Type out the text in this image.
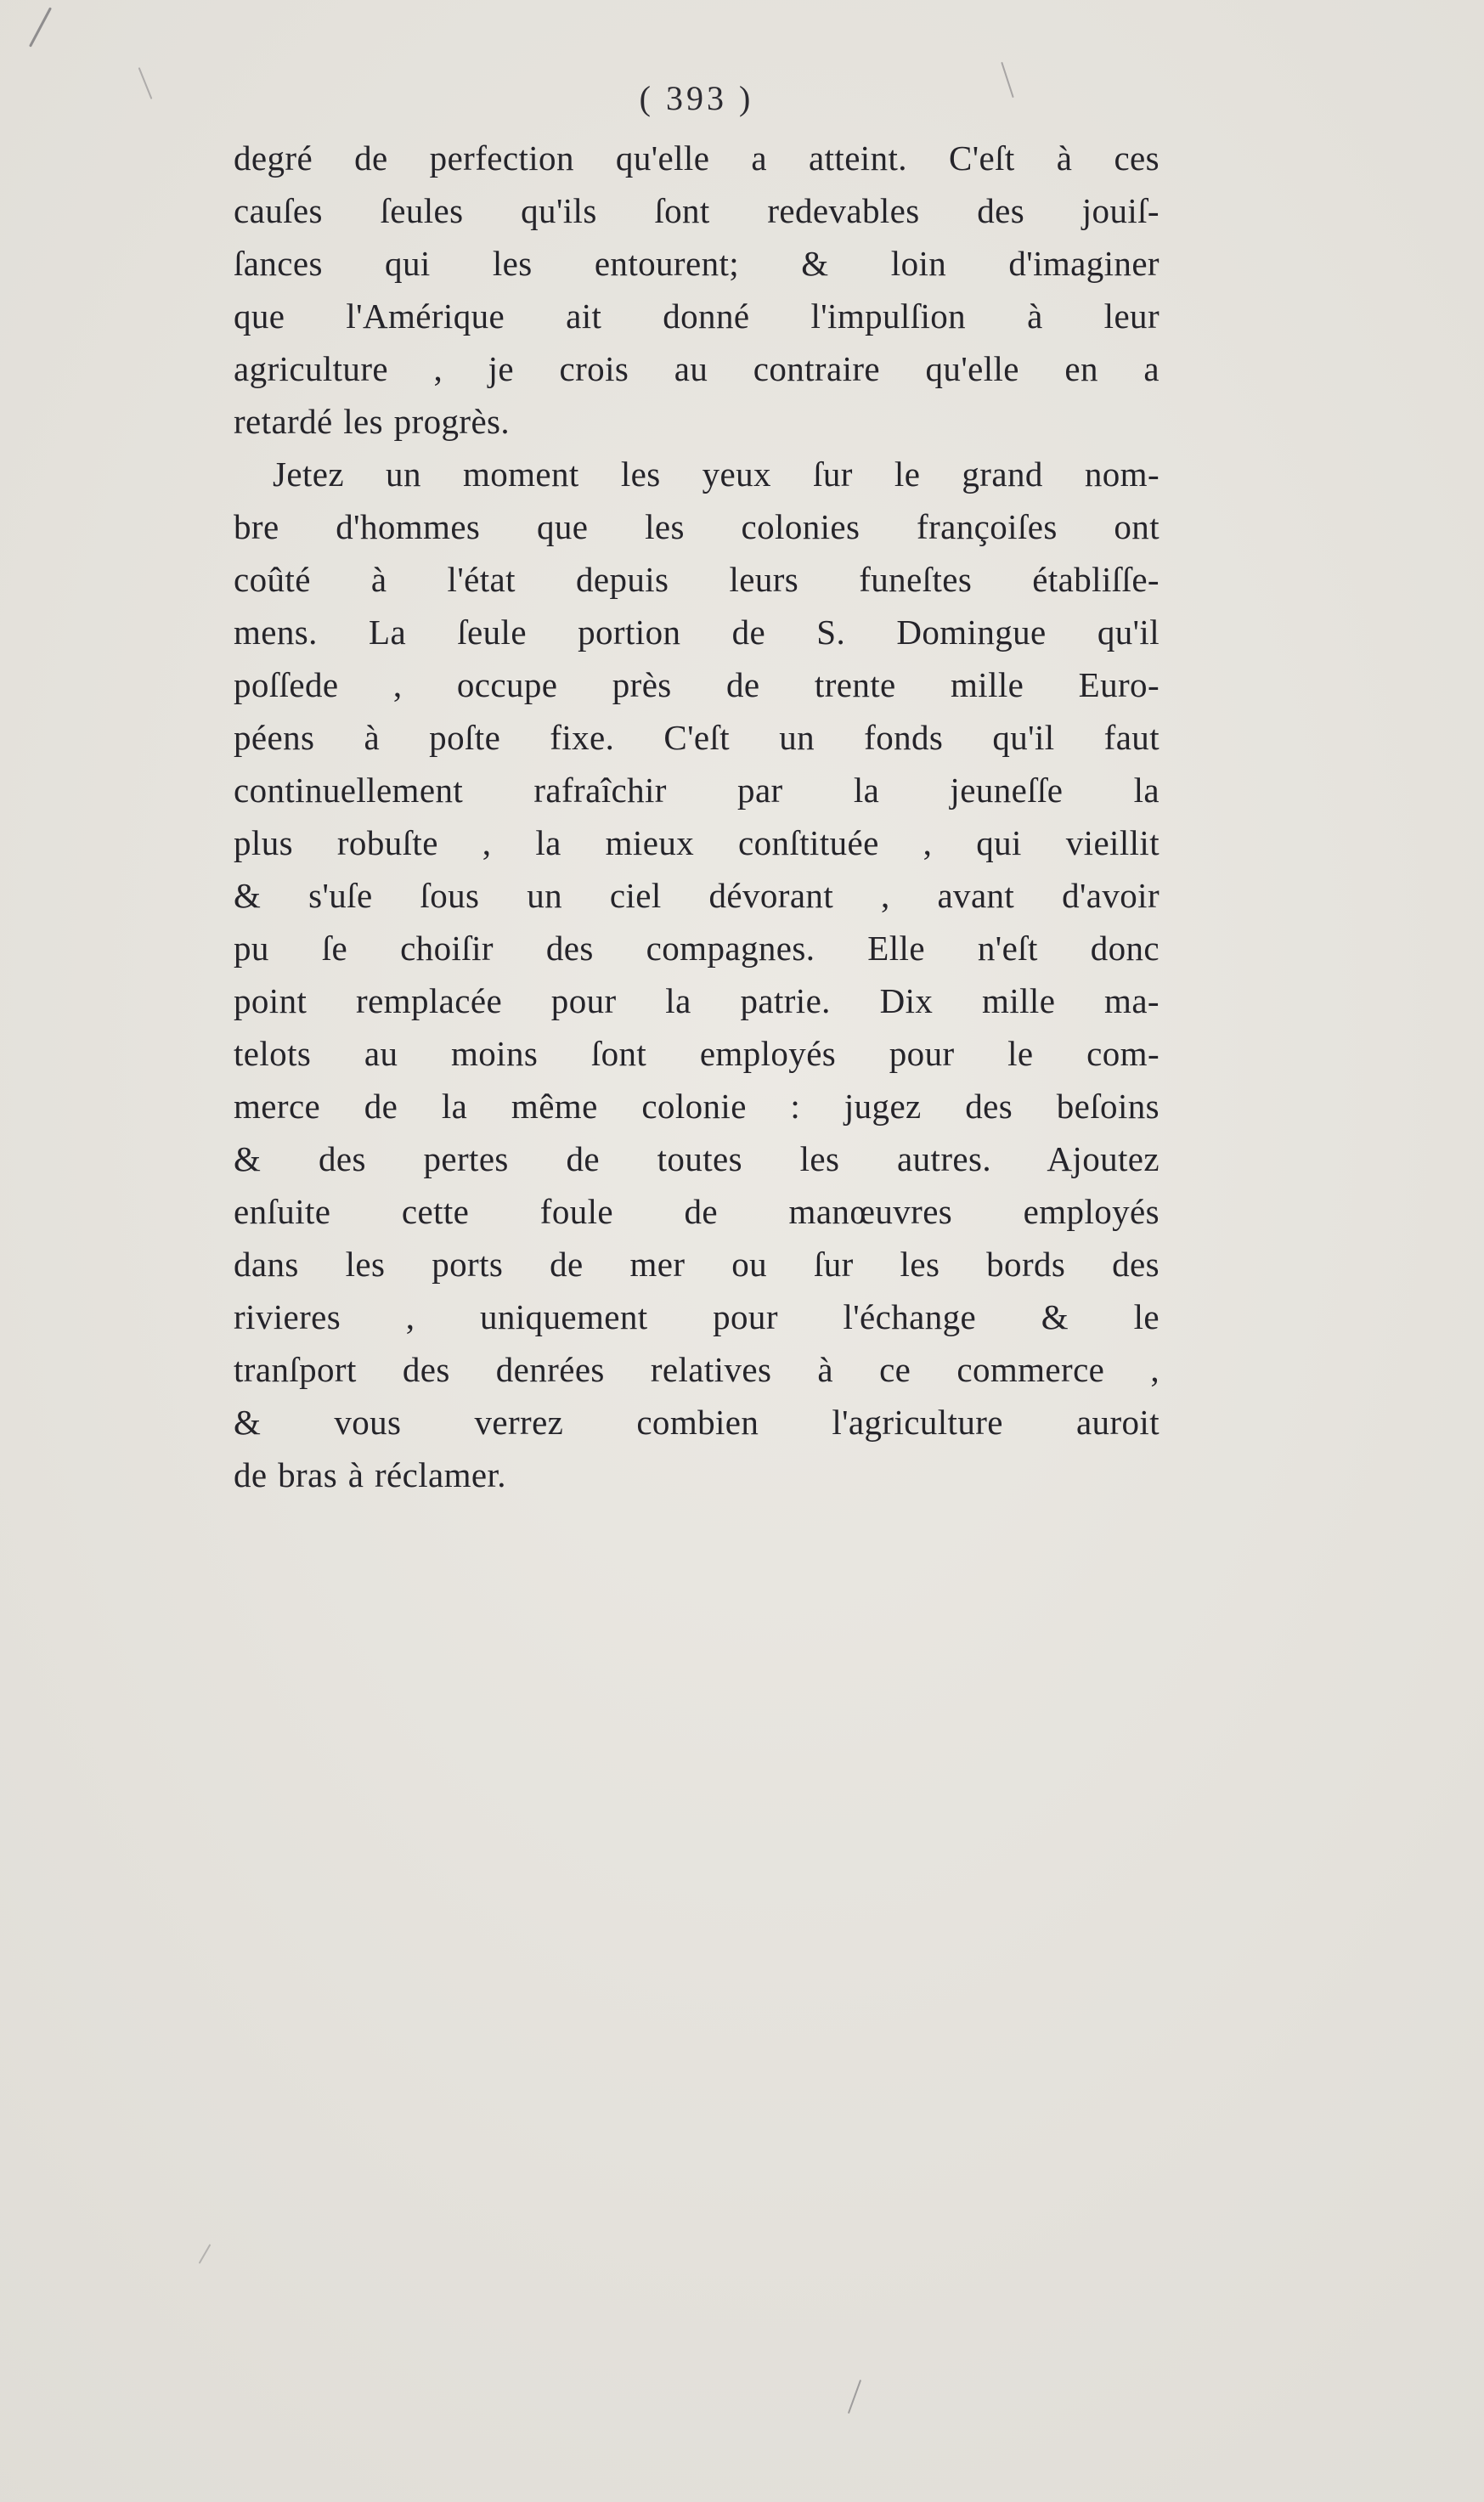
( 393 )
degré de perfection qu'elle a atteint. C'eſt à ces
cauſes ſeules qu'ils ſont redevables des jouiſ-
ſances qui les entourent; & loin d'imaginer
que l'Amérique ait donné l'impulſion à leur
agriculture , je crois au contraire qu'elle en a
retardé les progrès.
Jetez un moment les yeux ſur le grand nom-
bre d'hommes que les colonies françoiſes ont
coûté à l'état depuis leurs funeſtes établiſſe-
mens. La ſeule portion de S. Domingue qu'il
poſſede , occupe près de trente mille Euro-
péens à poſte fixe. C'eſt un fonds qu'il faut
continuellement rafraîchir par la jeuneſſe la
plus robuſte , la mieux conſtituée , qui vieillit
& s'uſe ſous un ciel dévorant , avant d'avoir
pu ſe choiſir des compagnes. Elle n'eſt donc
point remplacée pour la patrie. Dix mille ma-
telots au moins ſont employés pour le com-
merce de la même colonie : jugez des beſoins
& des pertes de toutes les autres. Ajoutez
enſuite cette foule de manœuvres employés
dans les ports de mer ou ſur les bords des
rivieres , uniquement pour l'échange & le
tranſport des denrées relatives à ce commerce ,
& vous verrez combien l'agriculture auroit
de bras à réclamer.
